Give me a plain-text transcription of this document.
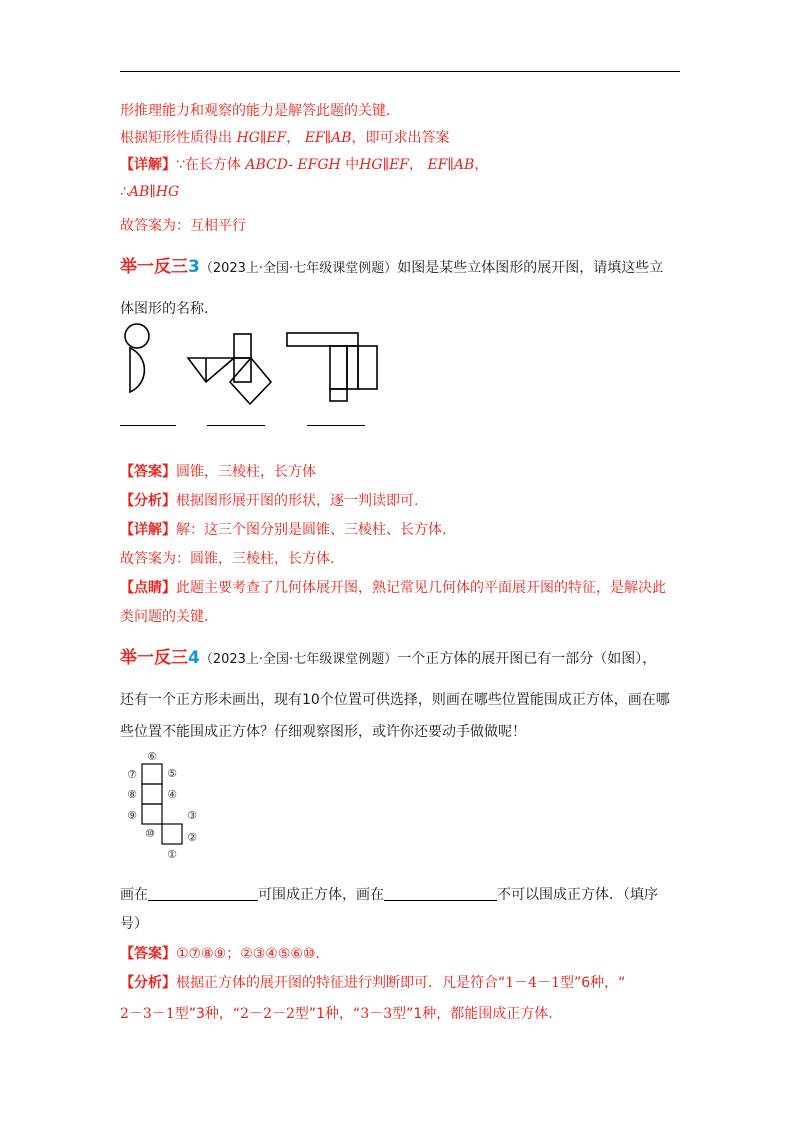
形推理能力和观察的能力是解答此题的关键.
根据矩形性质得出 HG∥EF， EF∥AB，即可求出答案
【详解】∵在长方体 ABCD- EFGH 中HG∥EF， EF∥AB，
∴AB∥HG
故答案为：互相平行
举一反三3（2023上·全国·七年级课堂例题）如图是某些立体图形的展开图，请填这些立
体图形的名称.
【答案】圆锥，三棱柱，长方体
【分析】根据图形展开图的形状，逐一判读即可.
【详解】解：这三个图分别是圆锥、三棱柱、长方体.
故答案为：圆锥，三棱柱，长方体.
【点睛】此题主要考查了几何体展开图，熟记常见几何体的平面展开图的特征，是解决此
类问题的关键.
举一反三4（2023上·全国·七年级课堂例题）一个正方体的展开图已有一部分（如图），
还有一个正方形未画出，现有10个位置可供选择，则画在哪些位置能围成正方体，画在哪
些位置不能围成正方体？仔细观察图形，或许你还要动手做做呢！
⑥
⑦	⑤
⑧	④
⑨	③
⑩	②
①
画在	可围成正方体，画在	不可以围成正方体．（填序
号）
【答案】①⑦⑧⑨；②③④⑤⑥⑩.
【分析】根据正方体的展开图的特征进行判断即可．凡是符合“1－4－1型”6种，“
2－3－1型”3种，“2－2－2型”1种，“3－3型”1种，都能围成正方体.
